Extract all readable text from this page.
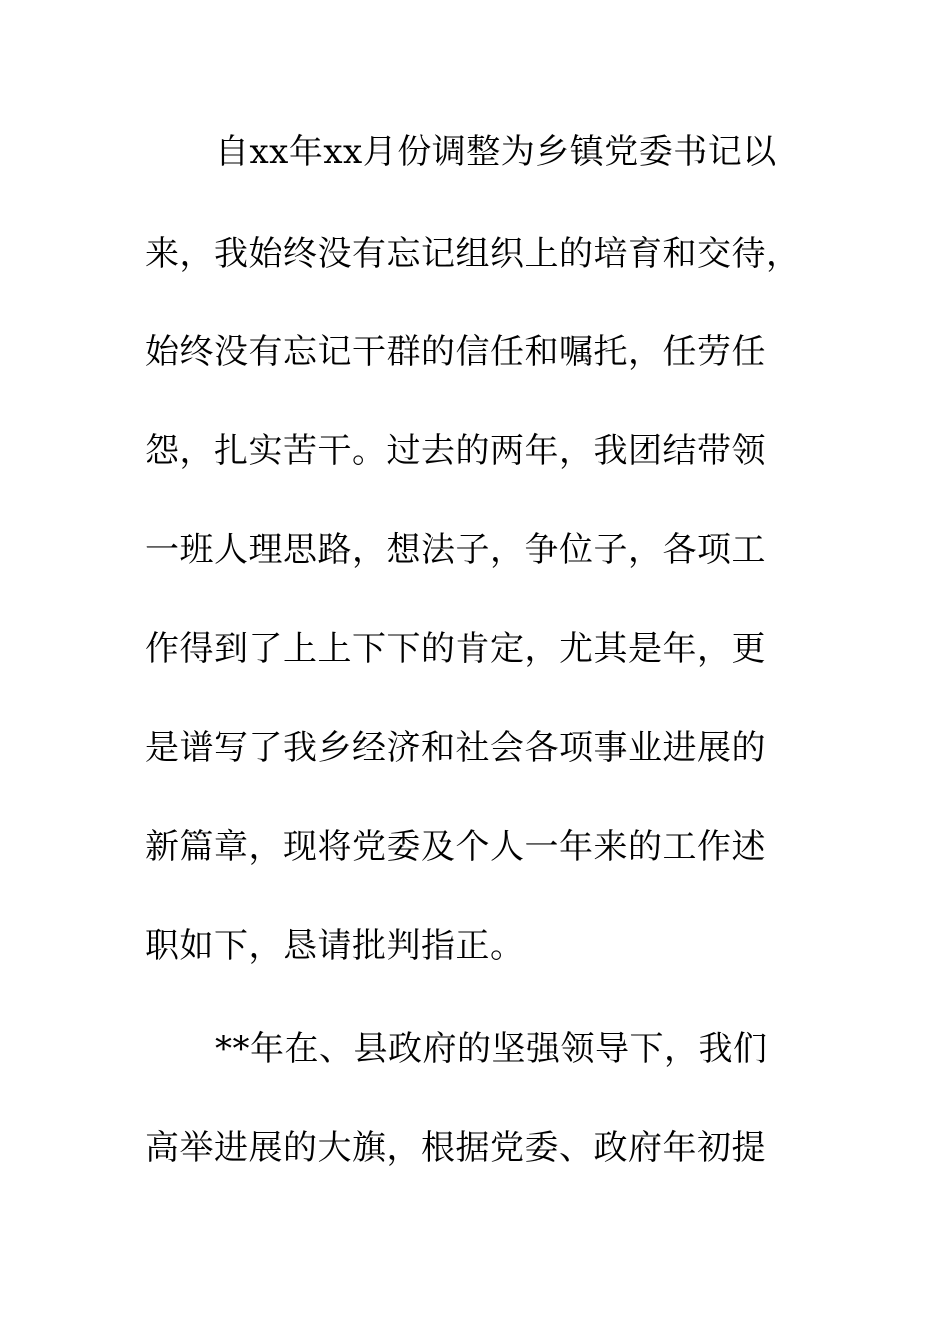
自xx年xx月份调整为乡镇党委书记以
来，我始终没有忘记组织上的培育和交待，
始终没有忘记干群的信任和嘱托，任劳任
怨，扎实苦干。过去的两年，我团结带领
一班人理思路，想法子，争位子，各项工
作得到了上上下下的肯定，尤其是年，更
是谱写了我乡经济和社会各项事业进展的
新篇章，现将党委及个人一年来的工作述
职如下，恳请批判指正。
**年在、县政府的坚强领导下，我们
高举进展的大旗，根据党委、政府年初提
